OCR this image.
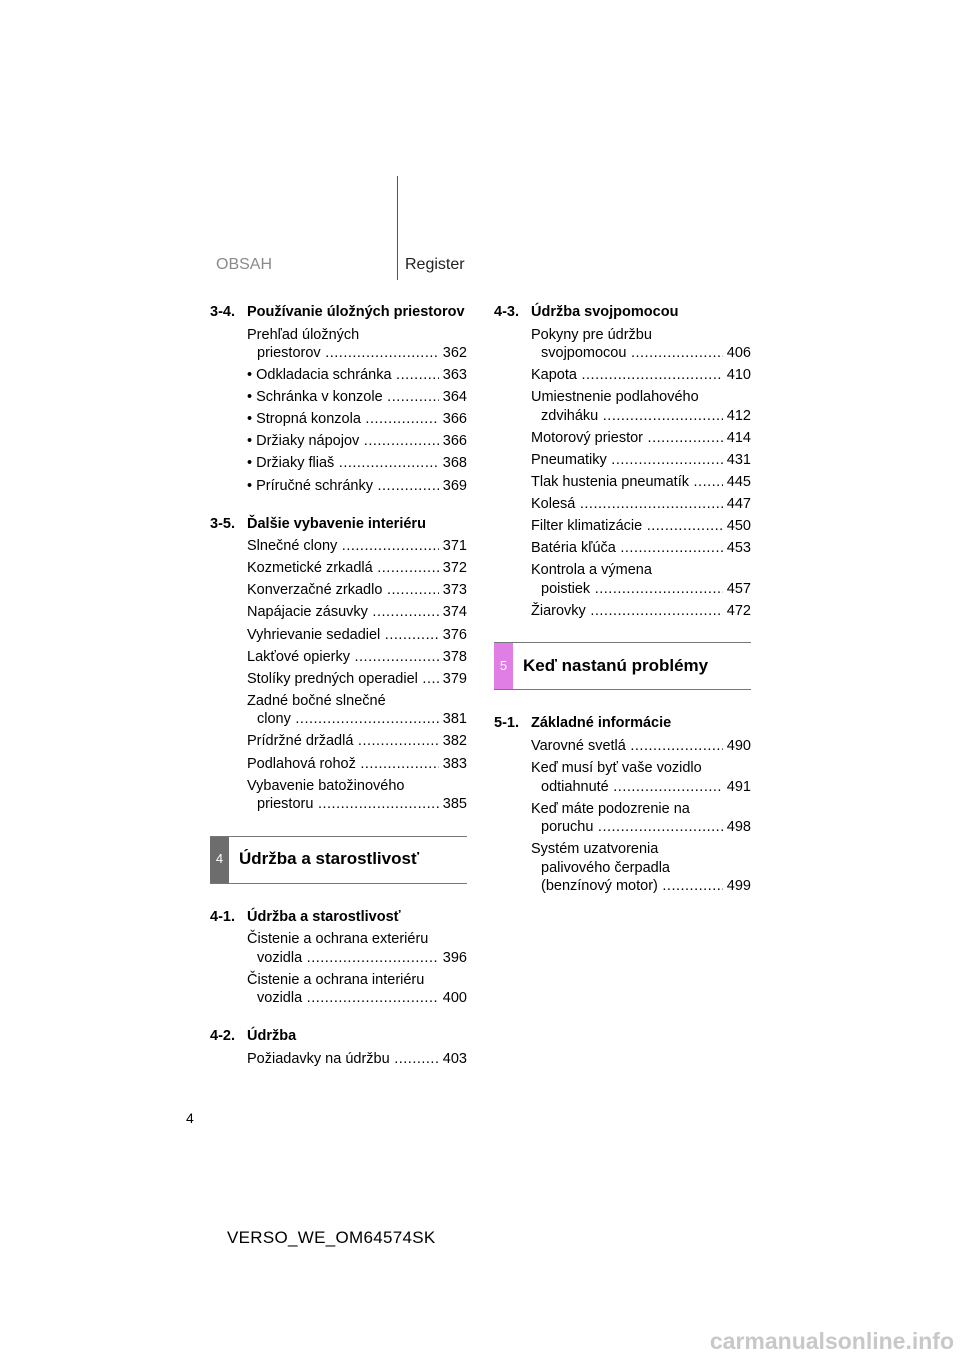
OBSAH	Register
3-4. Používanie úložných priestorov
Prehľad úložných
priestorov .....	362
• Odkladacia schránka .....	363
• Schránka v konzole .....	364
• Stropná konzola .....	366
• Držiaky nápojov .....	366
• Držiaky fliaš .....	368
• Príručné schránky .....	369
3-5. Ďalšie vybavenie interiéru
Slnečné clony .....	371
Kozmetické zrkadlá .....	372
Konverzačné zrkadlo .....	373
Napájacie zásuvky .....	374
Vyhrievanie sedadiel .....	376
Lakťové opierky .....	378
Stolíky predných operadiel .....	379
Zadné bočné slnečné
clony .....	381
Prídržné držadlá .....	382
Podlahová rohož .....	383
Vybavenie batožinového
priestoru .....	385
4 Údržba a starostlivosť
4-1. Údržba a starostlivosť
Čistenie a ochrana exteriéru
vozidla .....	396
Čistenie a ochrana interiéru
vozidla .....	400
4-2. Údržba
Požiadavky na údržbu .....	403
4-3. Údržba svojpomocou
Pokyny pre údržbu
svojpomocou .....	406
Kapota .....	410
Umiestnenie podlahového
zdviháku .....	412
Motorový priestor .....	414
Pneumatiky .....	431
Tlak hustenia pneumatík .....	445
Kolesá .....	447
Filter klimatizácie .....	450
Batéria kľúča .....	453
Kontrola a výmena
poistiek .....	457
Žiarovky .....	472
5 Keď nastanú problémy
5-1. Základné informácie
Varovné svetlá .....	490
Keď musí byť vaše vozidlo
odtiahnuté .....	491
Keď máte podozrenie na
poruchu .....	498
Systém uzatvorenia
palivového čerpadla
(benzínový motor) .....	499
4
VERSO_WE_OM64574SK
carmanualsonline.info
